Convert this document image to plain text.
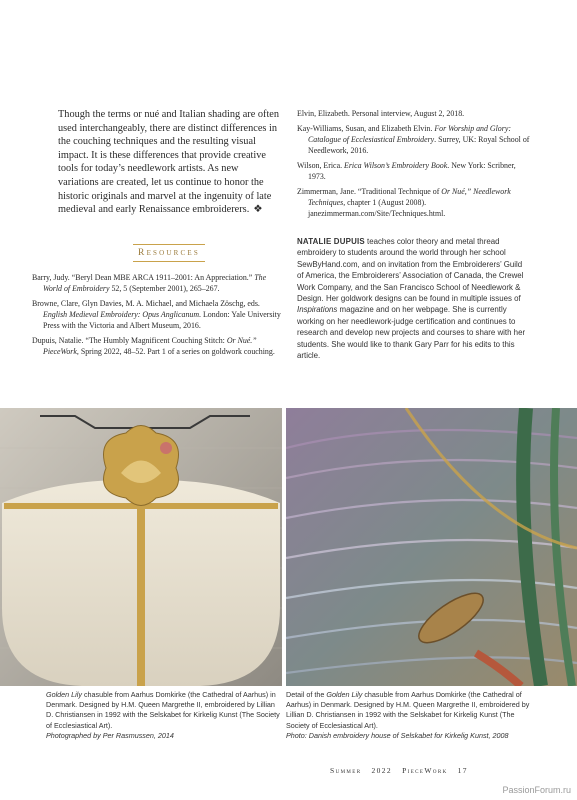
Though the terms or nué and Italian shading are often used interchangeably, there are distinct differences in the couching techniques and the resulting visual impact. It is these differences that provide creative tools for today’s needlework artists. As new variations are created, let us continue to honor the historic originals and marvel at the ingenuity of late medieval and early Renaissance embroiderers. ❖

Resources

Barry, Judy. “Beryl Dean MBE ARCA 1911–2001: An Appreciation.” The World of Embroidery 52, 5 (September 2001), 265–267.

Browne, Clare, Glyn Davies, M. A. Michael, and Michaela Zöschg, eds. English Medieval Embroidery: Opus Anglicanum. London: Yale University Press with the Victoria and Albert Museum, 2016.

Dupuis, Natalie. “The Humbly Magnificent Couching Stitch: Or Nué.” PieceWork, Spring 2022, 48–52. Part 1 of a series on goldwork couching.

Elvin, Elizabeth. Personal interview, August 2, 2018.

Kay-Williams, Susan, and Elizabeth Elvin. For Worship and Glory: Catalogue of Ecclesiastical Embroidery. Surrey, UK: Royal School of Needlework, 2016.

Wilson, Erica. Erica Wilson’s Embroidery Book. New York: Scribner, 1973.

Zimmerman, Jane. “Traditional Technique of Or Nué,” Needlework Techniques, chapter 1 (August 2008). janezimmerman.com/Site/Techniques.html.

NATALIE DUPUIS teaches color theory and metal thread embroidery to students around the world through her school SewByHand.com, and on invitation from the Embroiderers’ Guild of America, the Embroiderers’ Association of Canada, the Crewel Work Company, and the San Francisco School of Needlework & Design. Her goldwork designs can be found in multiple issues of Inspirations magazine and on her webpage. She is currently working on her needlework-judge certification and continues to research and develop new projects and courses to share with her students. She would like to thank Gary Parr for his edits to this article.

Golden Lily chasuble from Aarhus Domkirke (the Cathedral of Aarhus) in Denmark. Designed by H.M. Queen Margrethe II, embroidered by Lillian D. Christiansen in 1992 with the Selskabet for Kirkelig Kunst (The Society of Ecclesiastical Art).

Photographed by Per Rasmussen, 2014

Detail of the Golden Lily chasuble from Aarhus Domkirke (the Cathedral of Aarhus) in Denmark. Designed by H.M. Queen Margrethe II, embroidered by Lillian D. Christiansen in 1992 with the Selskabet for Kirkelig Kunst (The Society of Ecclesiastical Art).

Photo: Danish embroidery house of Selskabet for Kirkelig Kunst, 2008

Summer 2022 PieceWork 17
PassionForum.ru
